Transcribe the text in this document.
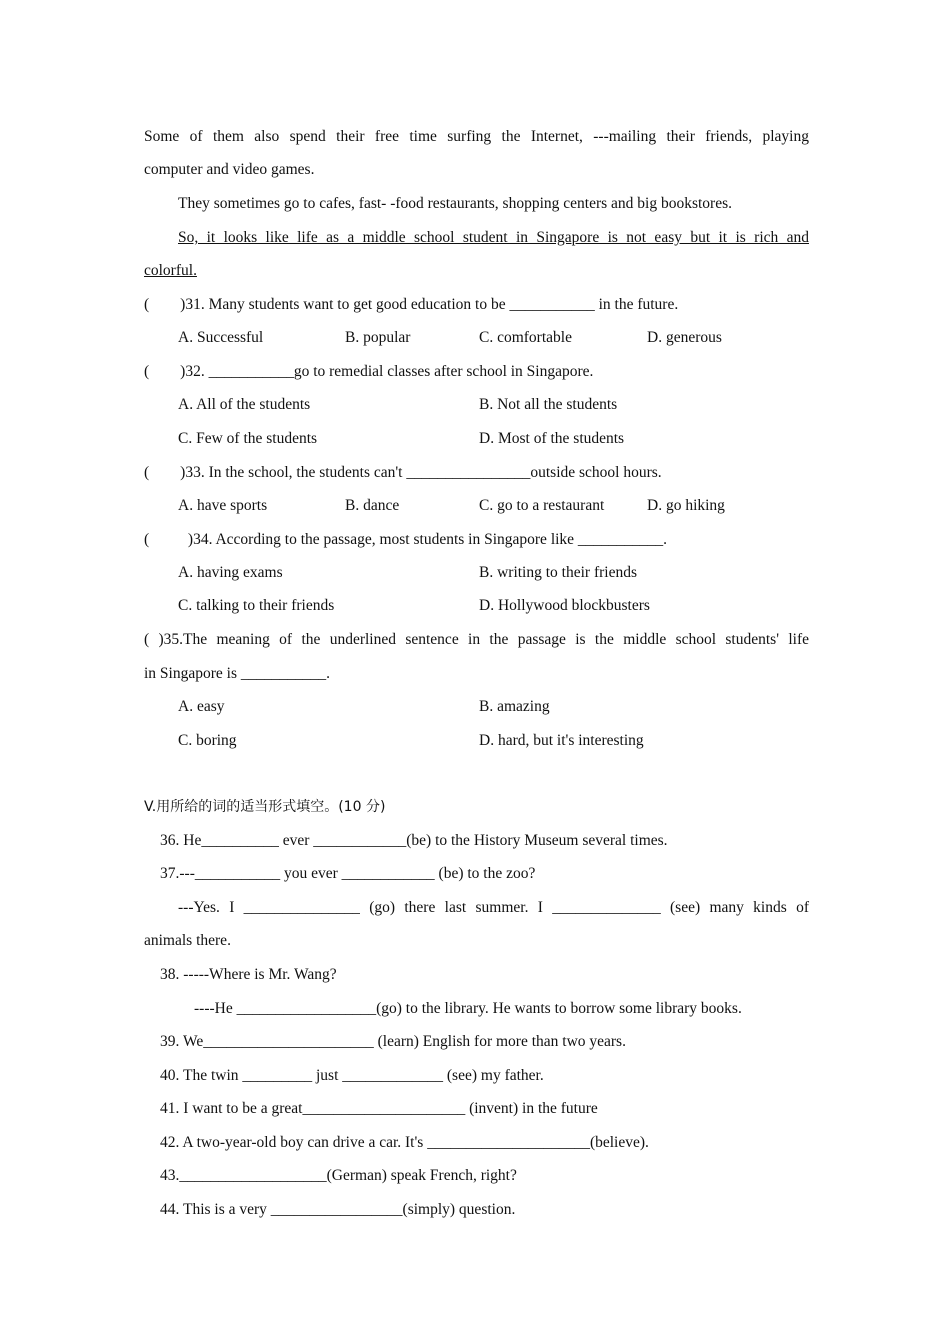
Some of them also spend their free time surfing the Internet, ---mailing their friends, playing
computer and video games.
They sometimes go to cafes, fast- -food restaurants, shopping centers and big bookstores.
So, it looks like life as a middle school student in Singapore is not easy but it is rich and
colorful.
(        )31. Many students want to get good education to be ___________ in the future.
A. Successful	B. popular	C. comfortable	D. generous
(        )32. ___________go to remedial classes after school in Singapore.
A. All of the students	B. Not all the students
C. Few of the students	D. Most of the students
(        )33. In the school, the students can't ________________outside school hours.
A. have sports	B. dance	C. go to a restaurant	D. go hiking
(          )34. According to the passage, most students in Singapore like ___________.
A. having exams	B. writing to their friends
C. talking to their friends	D. Hollywood blockbusters
( )35.The meaning of the underlined sentence in the passage is the middle school students' life
in Singapore is ___________.
A. easy	B. amazing
C. boring	D. hard, but it's interesting
V.用所给的词的适当形式填空。(10 分)
36. He__________ ever ____________(be) to the History Museum several times.
37.---___________ you ever ____________ (be) to the zoo?
---Yes. I _______________ (go) there last summer. I ______________ (see) many kinds of
animals there.
38. -----Where is Mr. Wang?
----He __________________(go) to the library. He wants to borrow some library books.
39. We______________________ (learn) English for more than two years.
40. The twin _________ just _____________ (see) my father.
41. I want to be a great_____________________ (invent) in the future
42. A two-year-old boy can drive a car. It's _____________________(believe).
43.___________________(German) speak French, right?
44. This is a very _________________(simply) question.
